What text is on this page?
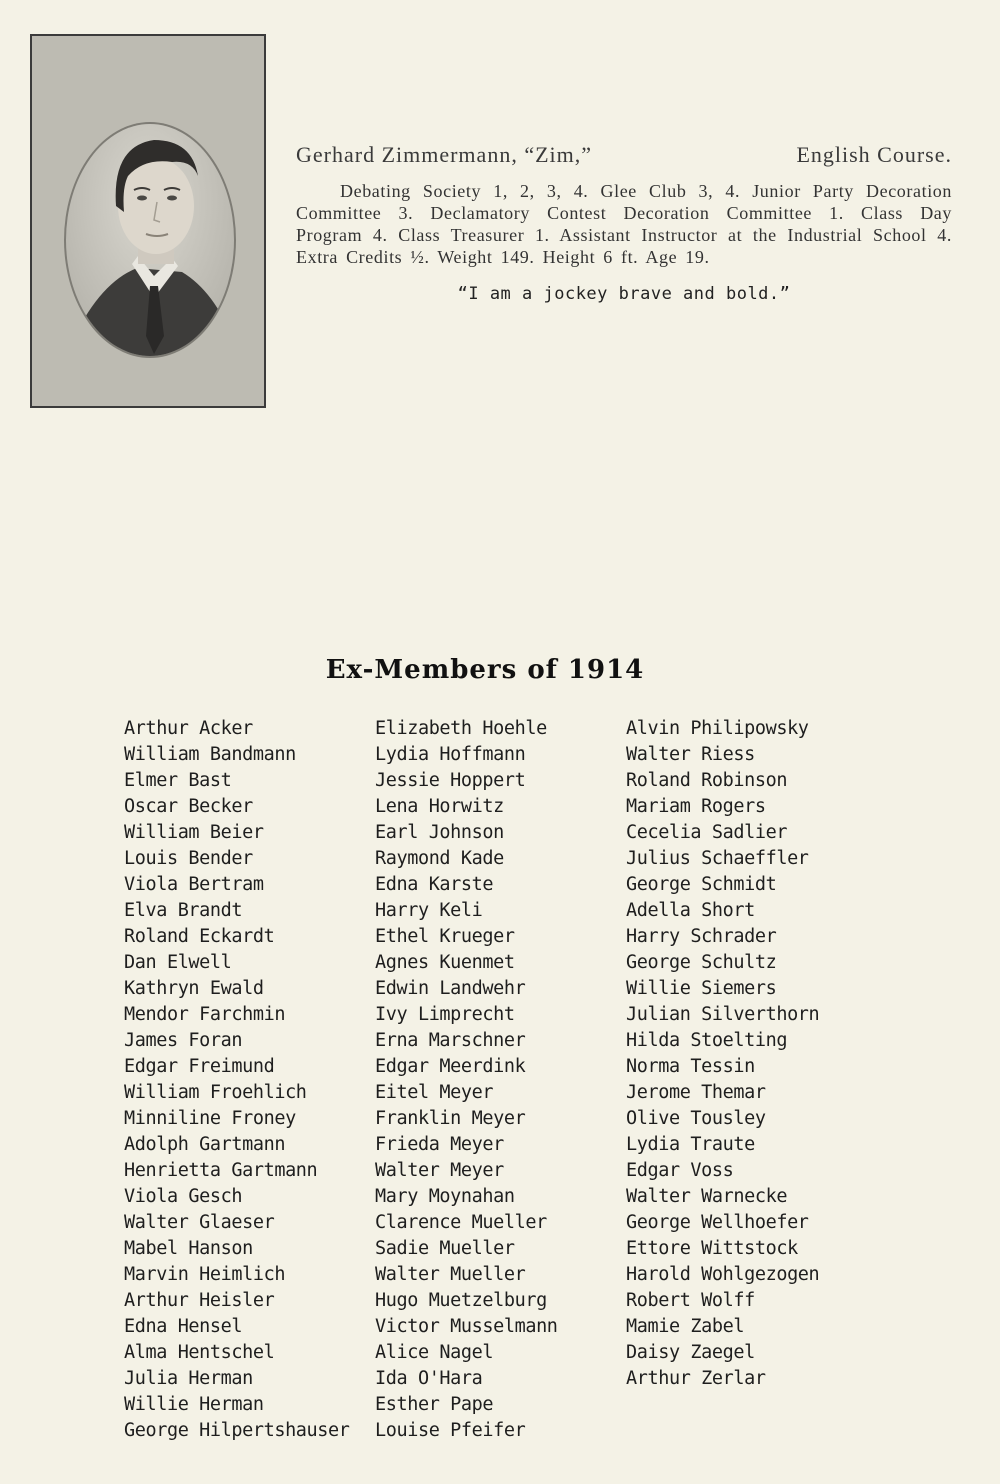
Gerhard Zimmermann, “Zim,”	English Course.
Debating Society 1, 2, 3, 4. Glee Club 3, 4. Junior Party Decoration Committee 3. Declamatory Contest Decoration Committee 1. Class Day Program 4. Class Treasurer 1. Assistant Instructor at the Industrial School 4. Extra Credits ½. Weight 149. Height 6 ft. Age 19.
“I am a jockey brave and bold.”
Ex-Members of 1914
Arthur Acker
William Bandmann
Elmer Bast
Oscar Becker
William Beier
Louis Bender
Viola Bertram
Elva Brandt
Roland Eckardt
Dan Elwell
Kathryn Ewald
Mendor Farchmin
James Foran
Edgar Freimund
William Froehlich
Minniline Froney
Adolph Gartmann
Henrietta Gartmann
Viola Gesch
Walter Glaeser
Mabel Hanson
Marvin Heimlich
Arthur Heisler
Edna Hensel
Alma Hentschel
Julia Herman
Willie Herman
George Hilpertshauser
Elizabeth Hoehle
Lydia Hoffmann
Jessie Hoppert
Lena Horwitz
Earl Johnson
Raymond Kade
Edna Karste
Harry Keli
Ethel Krueger
Agnes Kuenmet
Edwin Landwehr
Ivy Limprecht
Erna Marschner
Edgar Meerdink
Eitel Meyer
Franklin Meyer
Frieda Meyer
Walter Meyer
Mary Moynahan
Clarence Mueller
Sadie Mueller
Walter Mueller
Hugo Muetzelburg
Victor Musselmann
Alice Nagel
Ida O'Hara
Esther Pape
Louise Pfeifer
Alvin Philipowsky
Walter Riess
Roland Robinson
Mariam Rogers
Cecelia Sadlier
Julius Schaeffler
George Schmidt
Adella Short
Harry Schrader
George Schultz
Willie Siemers
Julian Silverthorn
Hilda Stoelting
Norma Tessin
Jerome Themar
Olive Tousley
Lydia Traute
Edgar Voss
Walter Warnecke
George Wellhoefer
Ettore Wittstock
Harold Wohlgezogen
Robert Wolff
Mamie Zabel
Daisy Zaegel
Arthur Zerlar
